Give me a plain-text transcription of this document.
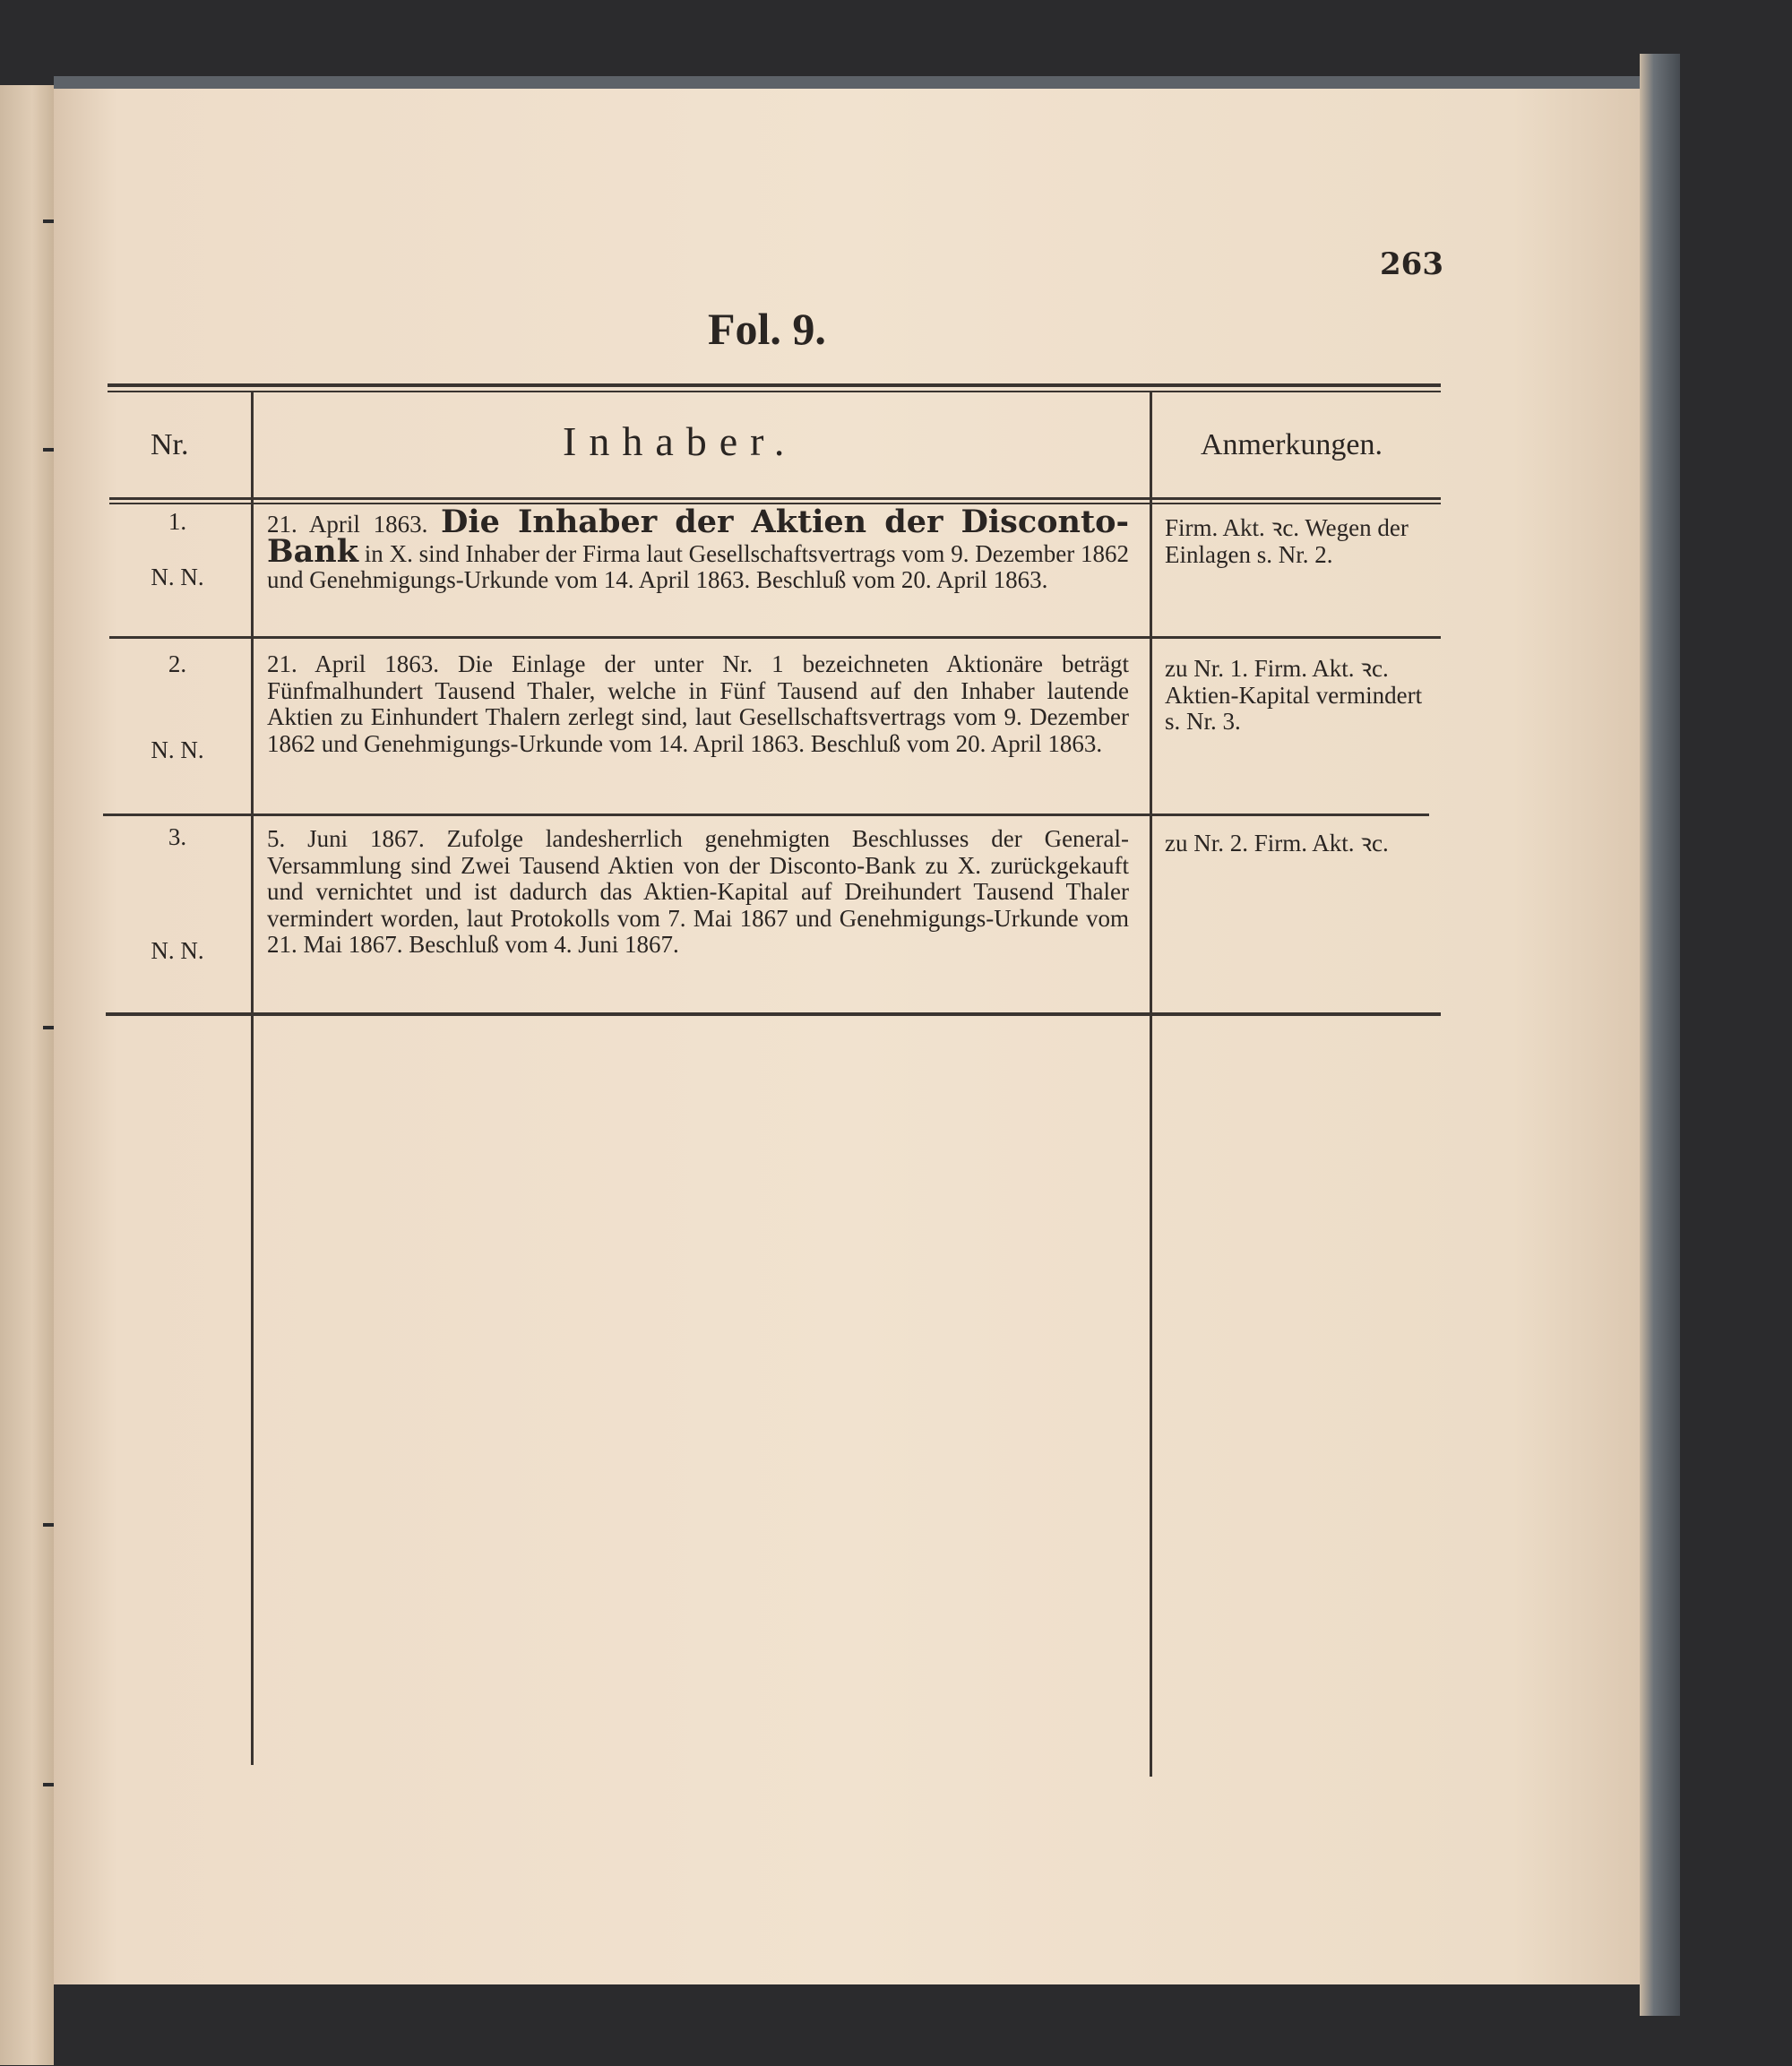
263
Fol. 9.
Nr.	Inhaber.	Anmerkungen.
1.
N. N.
21. April 1863. Die Inhaber der Aktien der Disconto-Bank in X. sind Inhaber der Firma laut Gesellschaftsvertrags vom 9. Dezember 1862 und Genehmigungs-Urkunde vom 14. April 1863. Beschluß vom 20. April 1863.
Firm. Akt. ꝛc. Wegen der Einlagen s. Nr. 2.
2.
N. N.
21. April 1863. Die Einlage der unter Nr. 1 bezeichneten Aktionäre beträgt Fünfmalhundert Tausend Thaler, welche in Fünf Tausend auf den Inhaber lautende Aktien zu Einhundert Thalern zerlegt sind, laut Gesellschaftsvertrags vom 9. Dezember 1862 und Genehmigungs-Urkunde vom 14. April 1863. Beschluß vom 20. April 1863.
zu Nr. 1. Firm. Akt. ꝛc. Aktien-Kapital vermindert s. Nr. 3.
3.
N. N.
5. Juni 1867. Zufolge landesherrlich genehmigten Beschlusses der General-Versammlung sind Zwei Tausend Aktien von der Disconto-Bank zu X. zurückgekauft und vernichtet und ist dadurch das Aktien-Kapital auf Dreihundert Tausend Thaler vermindert worden, laut Protokolls vom 7. Mai 1867 und Genehmigungs-Urkunde vom 21. Mai 1867. Beschluß vom 4. Juni 1867.
zu Nr. 2. Firm. Akt. ꝛc.
